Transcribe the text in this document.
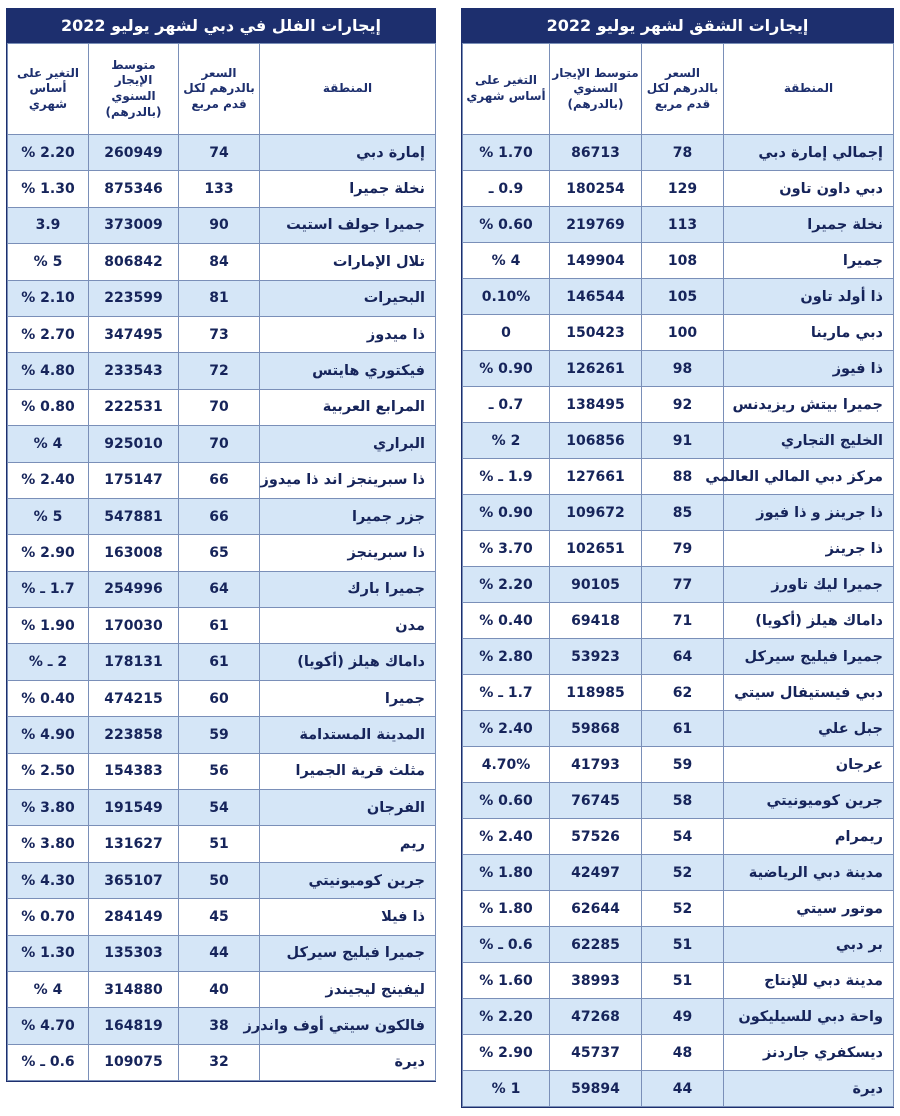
إيجارات الشقق لشهر يوليو 2022
المنطقة	السعر بالدرهم لكل قدم مربع	متوسط الإيجار السنوي (بالدرهم)	التغير على أساس شهري
إجمالي إمارة دبي	78	86713	1.70 %
دبي داون تاون	129	180254	0.9 ـ
نخلة جميرا	113	219769	0.60 %
جميرا	108	149904	4 %
ذا أولد تاون	105	146544	0.10%
دبي مارينا	100	150423	0
ذا فيوز	98	126261	0.90 %
جميرا بيتش ريزيدنس	92	138495	0.7 ـ
الخليج التجاري	91	106856	2 %
مركز دبي المالي العالمي	88	127661	1.9 ـ %
ذا جرينز و ذا فيوز	85	109672	0.90 %
ذا جرينز	79	102651	3.70 %
جميرا ليك تاورز	77	90105	2.20 %
داماك هيلز (أكويا)	71	69418	0.40 %
جميرا فيليج سيركل	64	53923	2.80 %
دبي فيستيفال سيتي	62	118985	1.7 ـ %
جبل علي	61	59868	2.40 %
عرجان	59	41793	4.70%
جرين كوميونيتي	58	76745	0.60 %
ريمرام	54	57526	2.40 %
مدينة دبي الرياضية	52	42497	1.80 %
موتور سيتي	52	62644	1.80 %
بر دبي	51	62285	0.6 ـ %
مدينة دبي للإنتاج	51	38993	1.60 %
واحة دبي للسيليكون	49	47268	2.20 %
ديسكفري جاردنز	48	45737	2.90 %
ديرة	44	59894	1 %
إيجارات الفلل في دبي لشهر يوليو 2022
المنطقة	السعر بالدرهم لكل قدم مربع	متوسط الإيجار السنوي (بالدرهم)	التغير على أساس شهري
إمارة دبي	74	260949	2.20 %
نخلة جميرا	133	875346	1.30 %
جميرا جولف استيت	90	373009	3.9
تلال الإمارات	84	806842	5 %
البحيرات	81	223599	2.10 %
ذا ميدوز	73	347495	2.70 %
فيكتوري هايتس	72	233543	4.80 %
المرابع العربية	70	222531	0.80 %
البراري	70	925010	4 %
ذا سبرينجز اند ذا ميدوز	66	175147	2.40 %
جزر جميرا	66	547881	5 %
ذا سبرينجز	65	163008	2.90 %
جميرا بارك	64	254996	1.7 ـ %
مدن	61	170030	1.90 %
داماك هيلز (أكويا)	61	178131	2 ـ %
جميرا	60	474215	0.40 %
المدينة المستدامة	59	223858	4.90 %
مثلث قرية الجميرا	56	154383	2.50 %
الفرجان	54	191549	3.80 %
ريم	51	131627	3.80 %
جرين كوميونيتي	50	365107	4.30 %
ذا فيلا	45	284149	0.70 %
جميرا فيليج سيركل	44	135303	1.30 %
ليفينج ليجيندز	40	314880	4 %
فالكون سيتي أوف واندرز	38	164819	4.70 %
ديرة	32	109075	0.6 ـ %
